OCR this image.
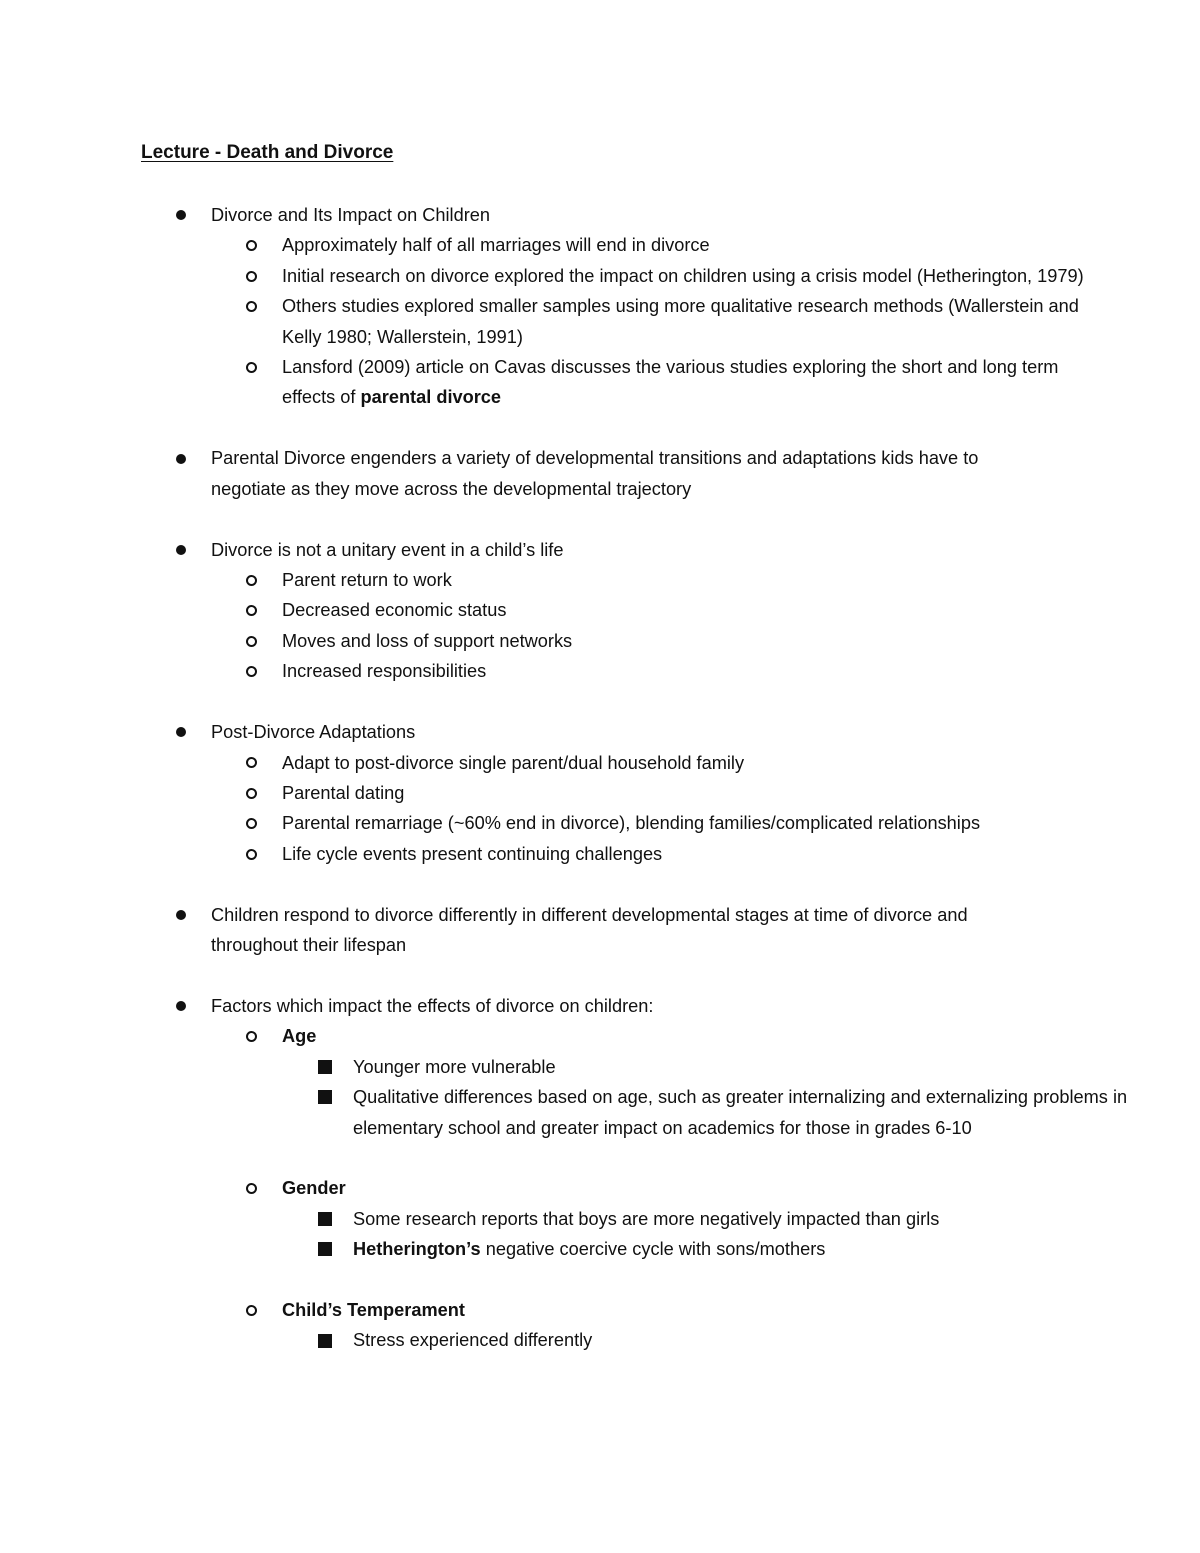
Lecture - Death and Divorce
Divorce and Its Impact on Children
Approximately half of all marriages will end in divorce
Initial research on divorce explored the impact on children using a crisis model (Hetherington, 1979)
Others studies explored smaller samples using more qualitative research methods (Wallerstein and Kelly 1980; Wallerstein, 1991)
Lansford (2009) article on Cavas discusses the various studies exploring the short and long term effects of parental divorce
Parental Divorce engenders a variety of developmental transitions and adaptations kids have to negotiate as they move across the developmental trajectory
Divorce is not a unitary event in a child’s life
Parent return to work
Decreased economic status
Moves and loss of support networks
Increased responsibilities
Post-Divorce Adaptations
Adapt to post-divorce single parent/dual household family
Parental dating
Parental remarriage (~60% end in divorce), blending families/complicated relationships
Life cycle events present continuing challenges
Children respond to divorce differently in different developmental stages at time of divorce and throughout their lifespan
Factors which impact the effects of divorce on children:
Age
Younger more vulnerable
Qualitative differences based on age, such as greater internalizing and externalizing problems in elementary school and greater impact on academics for those in grades 6-10
Gender
Some research reports that boys are more negatively impacted than girls
Hetherington’s negative coercive cycle with sons/mothers
Child’s Temperament
Stress experienced differently
